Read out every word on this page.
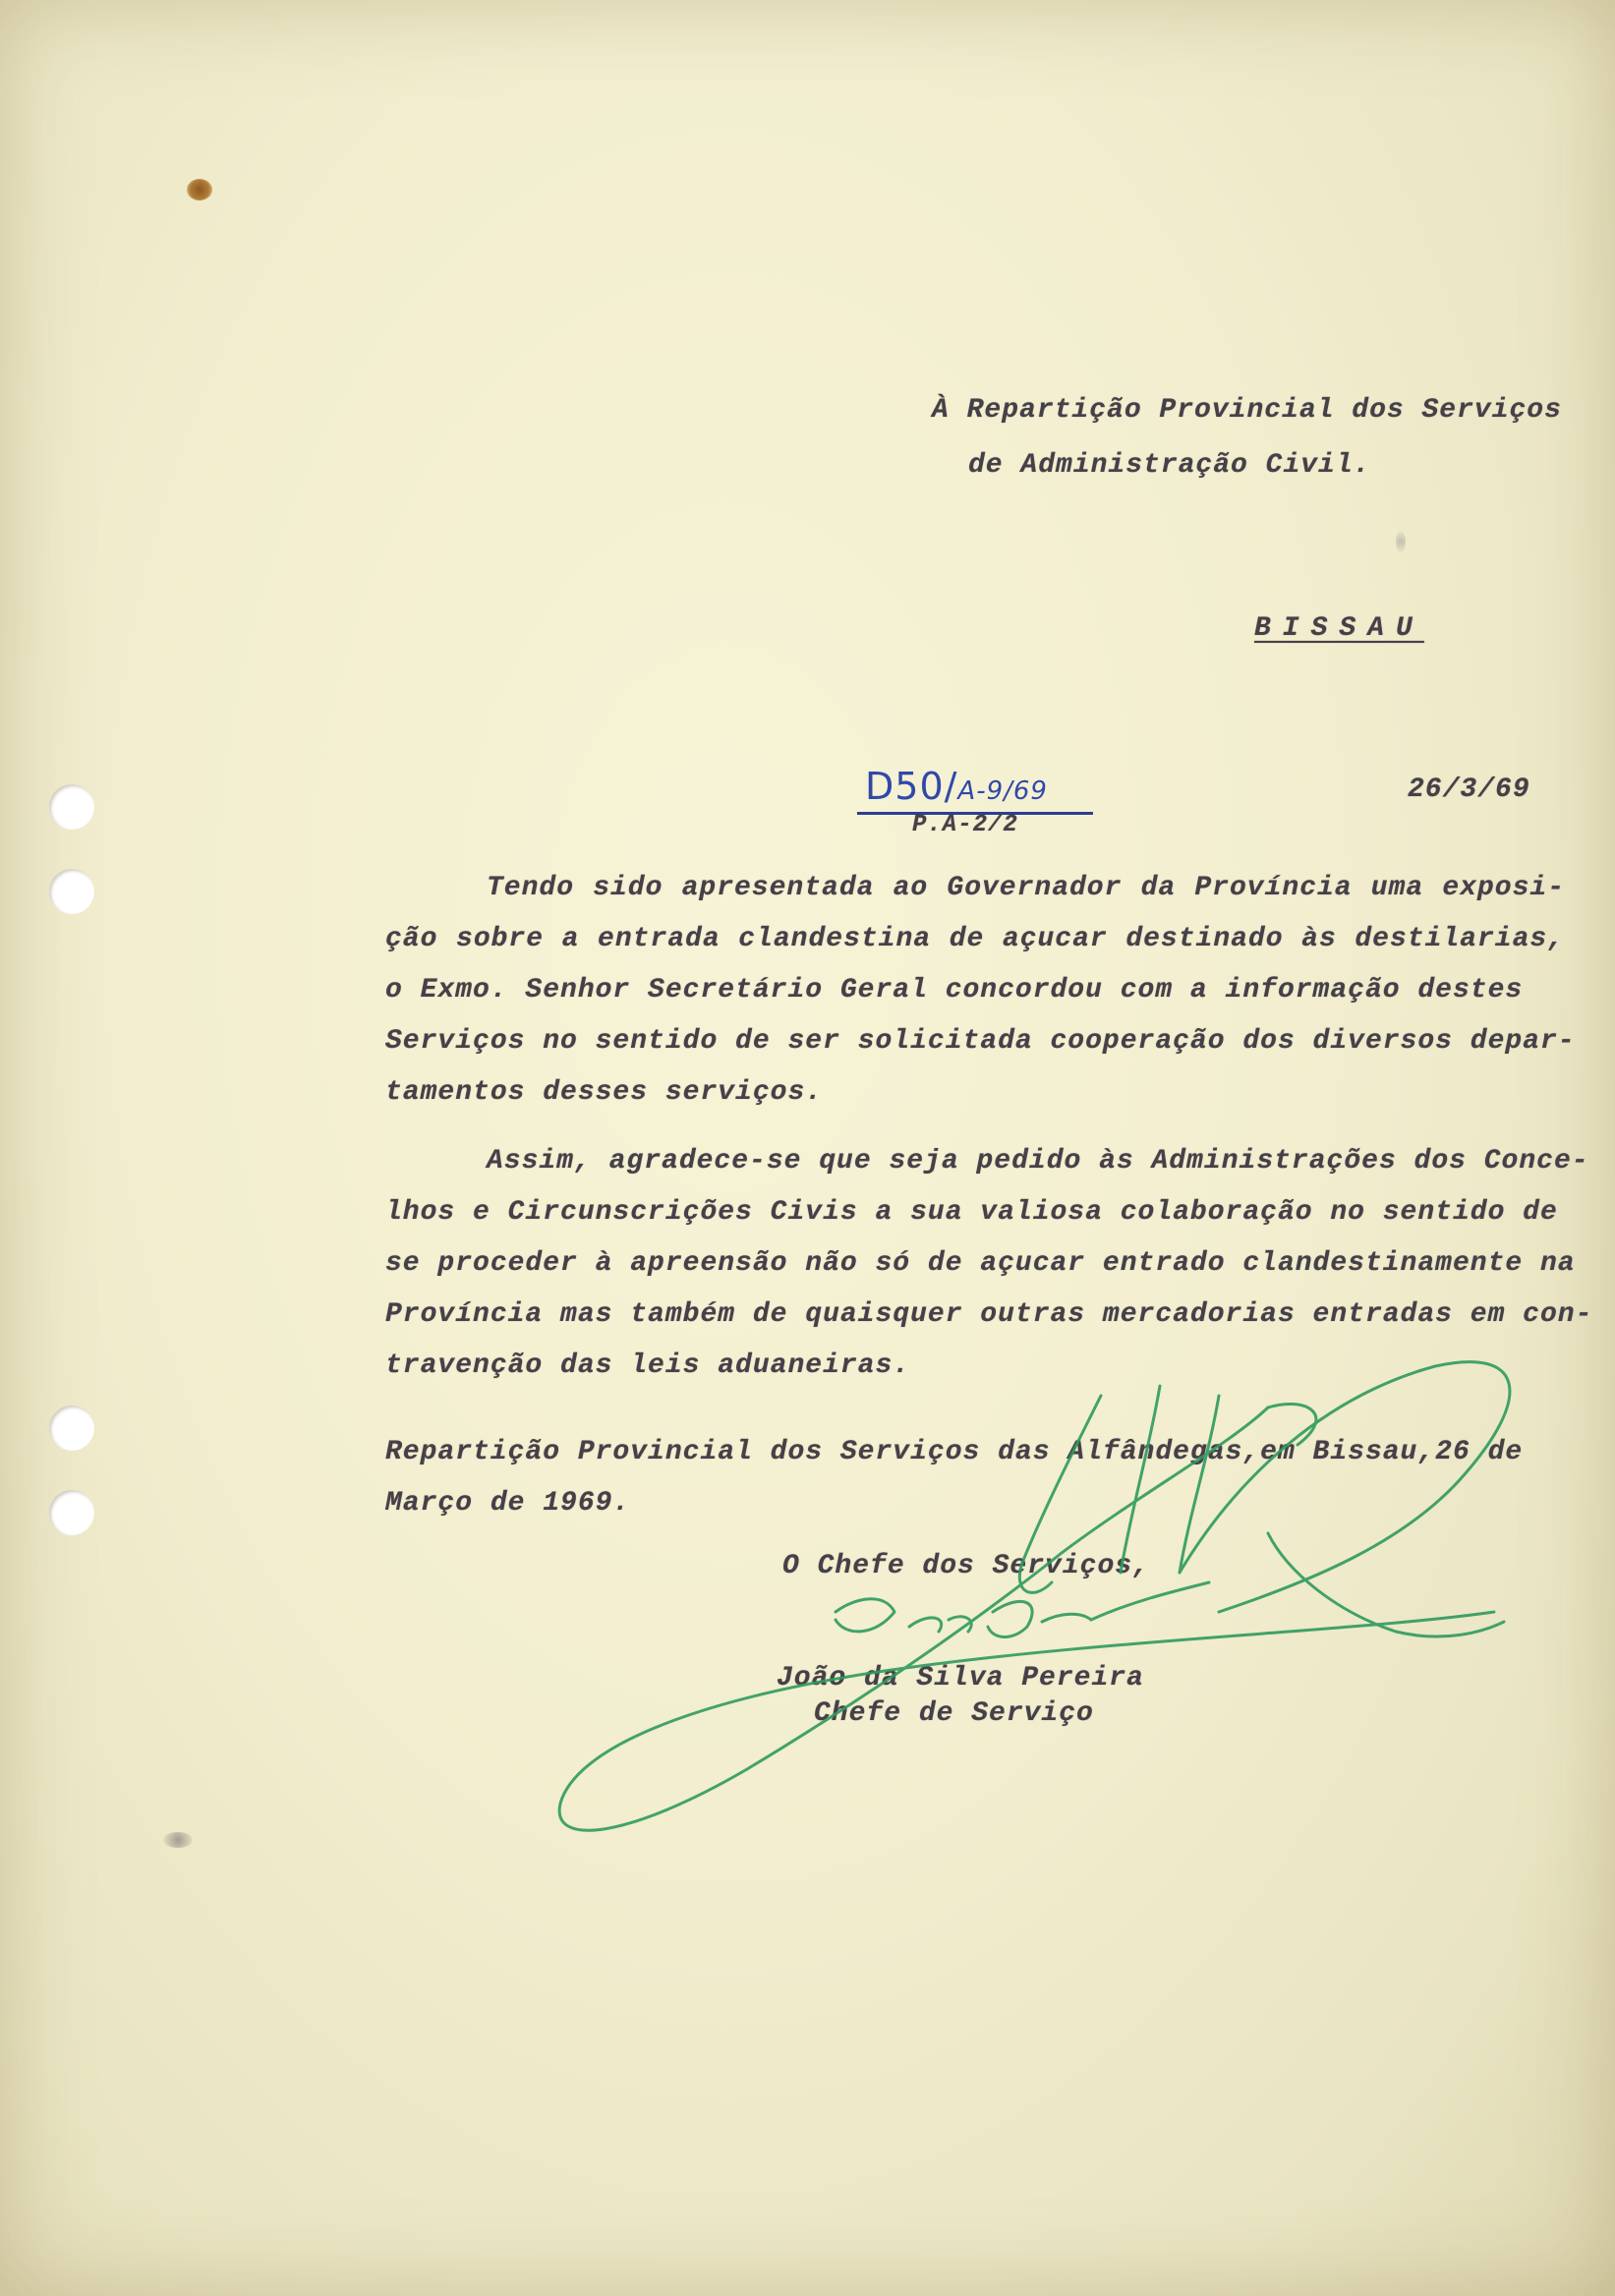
À Repartição Provincial dos Serviços
de Administração Civil.
BISSAU
D50/A-9/69
P.A-2/2
26/3/69
Tendo sido apresentada ao Governador da Província uma exposi-
ção sobre a entrada clandestina de açucar destinado às destilarias,
o Exmo. Senhor Secretário Geral concordou com a informação destes
Serviços no sentido de ser solicitada cooperação dos diversos depar-
tamentos desses serviços.
Assim, agradece-se que seja pedido às Administrações dos Conce-
lhos e Circunscrições Civis a sua valiosa colaboração no sentido de
se proceder à apreensão não só de açucar entrado clandestinamente na
Província mas também de quaisquer outras mercadorias entradas em con-
travenção das leis aduaneiras.
Repartição Provincial dos Serviços das Alfândegas,em Bissau,26 de
Março de 1969.
O Chefe dos Serviços,
João da Silva Pereira
Chefe de Serviço
